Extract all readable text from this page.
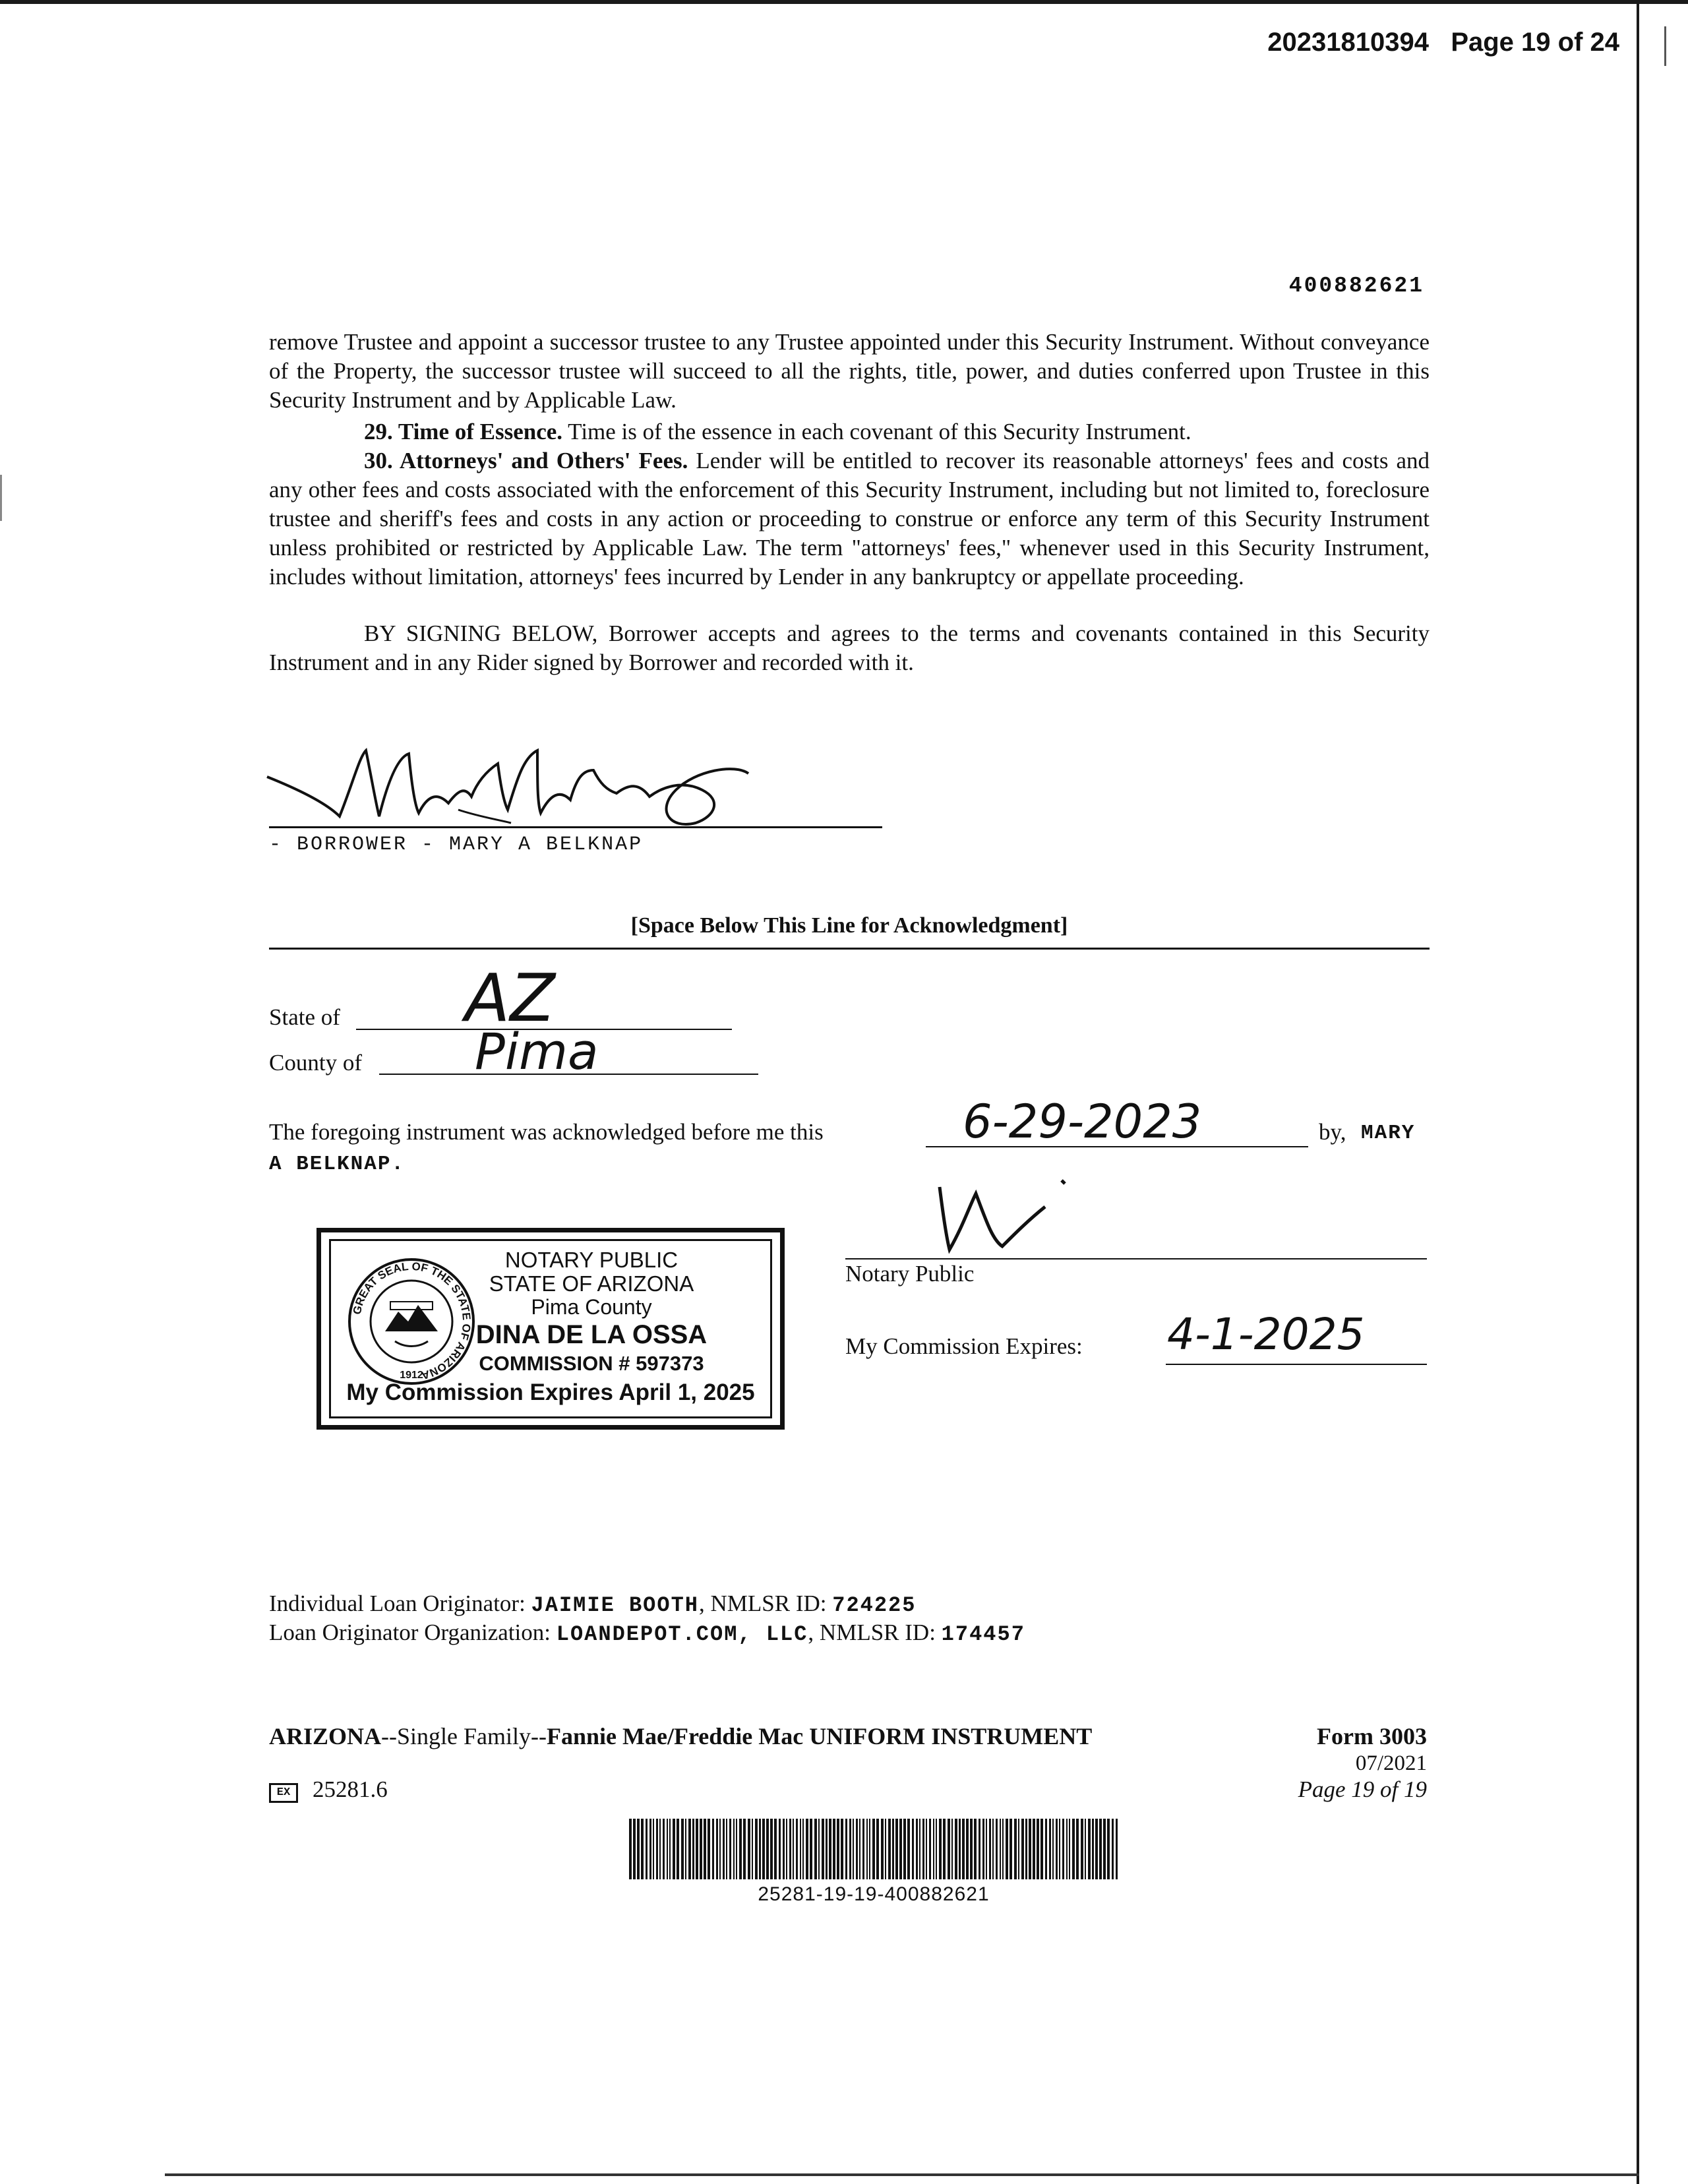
20231810394 Page 19 of 24
400882621

remove Trustee and appoint a successor trustee to any Trustee appointed under this Security Instrument. Without conveyance of the Property, the successor trustee will succeed to all the rights, title, power, and duties conferred upon Trustee in this Security Instrument and by Applicable Law.

29. Time of Essence. Time is of the essence in each covenant of this Security Instrument.

30. Attorneys' and Others' Fees. Lender will be entitled to recover its reasonable attorneys' fees and costs and any other fees and costs associated with the enforcement of this Security Instrument, including but not limited to, foreclosure trustee and sheriff's fees and costs in any action or proceeding to construe or enforce any term of this Security Instrument unless prohibited or restricted by Applicable Law. The term "attorneys' fees," whenever used in this Security Instrument, includes without limitation, attorneys' fees incurred by Lender in any bankruptcy or appellate proceeding.

BY SIGNING BELOW, Borrower accepts and agrees to the terms and covenants contained in this Security Instrument and in any Rider signed by Borrower and recorded with it.

- BORROWER - MARY A BELKNAP
[Space Below This Line for Acknowledgment]
State of AZ
County of Pima
The foregoing instrument was acknowledged before me this	6-29-2023	by, MARY
A BELKNAP.
GREAT SEAL OF THE STATE OF ARIZONA
1912
NOTARY PUBLIC
STATE OF ARIZONA
Pima County
DINA DE LA OSSA
COMMISSION # 597373
My Commission Expires April 1, 2025
Notary Public
My Commission Expires: 4-1-2025
Individual Loan Originator: JAIMIE BOOTH, NMLSR ID: 724225
Loan Originator Organization: LOANDEPOT.COM, LLC, NMLSR ID: 174457
ARIZONA--Single Family--Fannie Mae/Freddie Mac UNIFORM INSTRUMENT	Form 3003
07/2021
Page 19 of 19
EX 25281.6
25281-19-19-400882621
